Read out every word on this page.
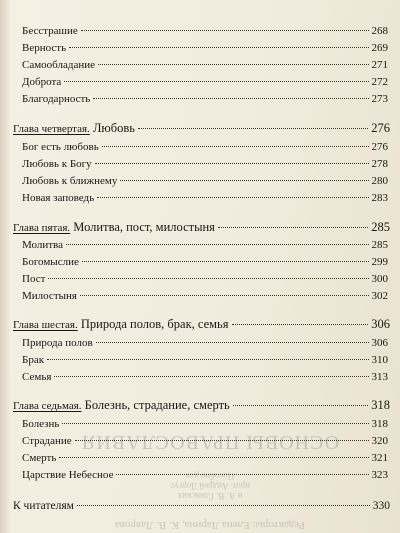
ОСНОВЫ ПРАВОСЛАВИЯ
Пособие для
прот. Андрей Лоргус
и А. В. Глинских
Редакторы: Елена Ларина, К. В. Лаврова
Бесстрашие	268
Верность	269
Самообладание	271
Доброта	272
Благодарность	273
Глава четвертая. Любовь	276
Бог есть любовь	276
Любовь к Богу	278
Любовь к ближнему	280
Новая заповедь	283
Глава пятая. Молитва, пост, милостыня	285
Молитва	285
Богомыслие	299
Пост	300
Милостыня	302
Глава шестая. Природа полов, брак, семья	306
Природа полов	306
Брак	310
Семья	313
Глава седьмая. Болезнь, страдание, смерть	318
Болезнь	318
Страдание	320
Смерть	321
Царствие Небесное	323
К читателям	330
